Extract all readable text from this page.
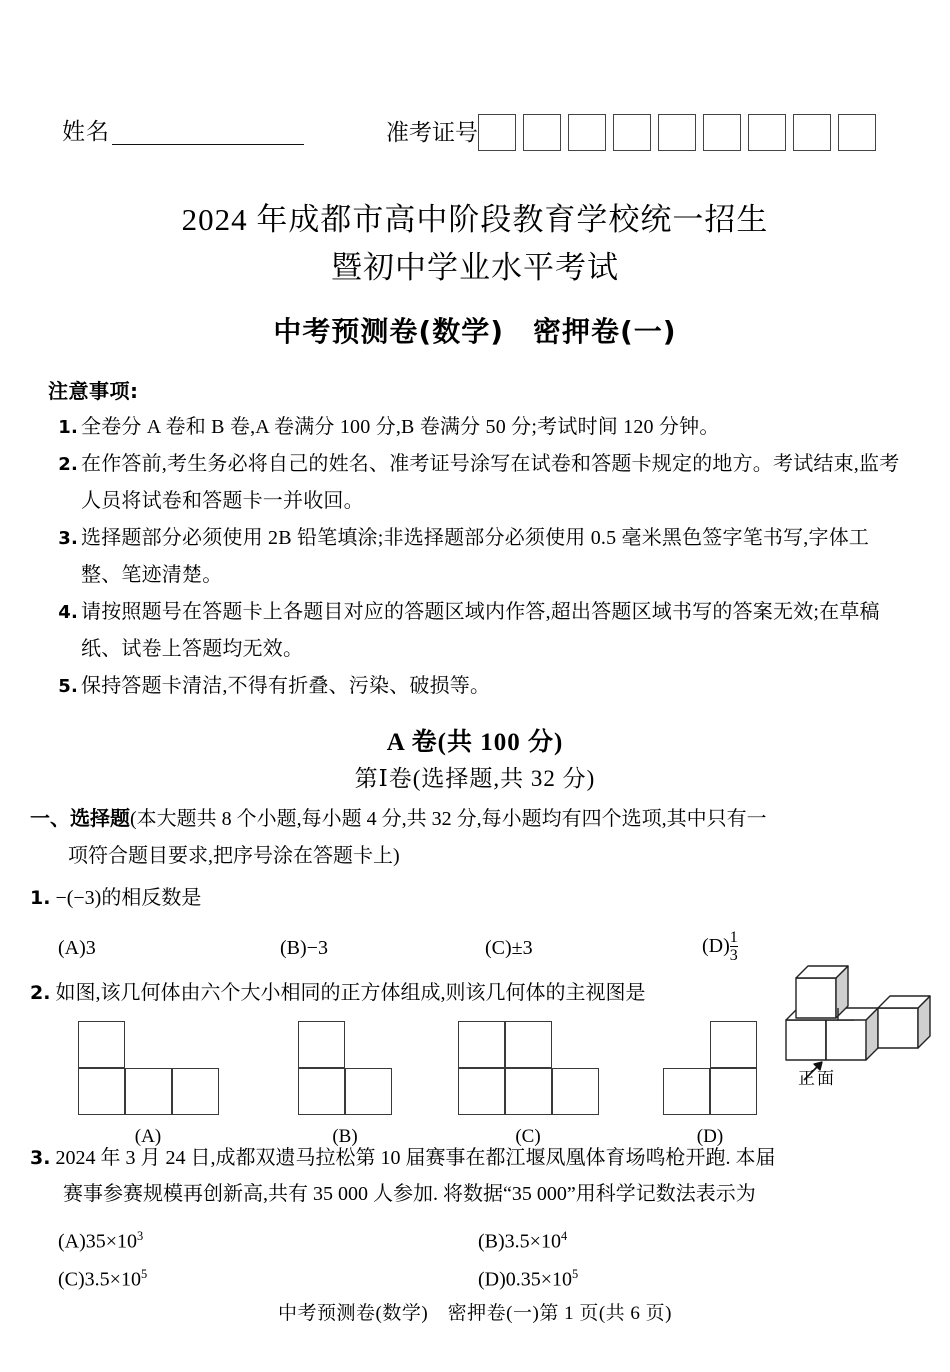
姓名	准考证号
2024 年成都市高中阶段教育学校统一招生
暨初中学业水平考试
中考预测卷(数学)　密押卷(一)
注意事项:
1. 全卷分 A 卷和 B 卷,A 卷满分 100 分,B 卷满分 50 分;考试时间 120 分钟。
2. 在作答前,考生务必将自己的姓名、准考证号涂写在试卷和答题卡规定的地方。考试结束,监考人员将试卷和答题卡一并收回。
3. 选择题部分必须使用 2B 铅笔填涂;非选择题部分必须使用 0.5 毫米黑色签字笔书写,字体工整、笔迹清楚。
4. 请按照题号在答题卡上各题目对应的答题区域内作答,超出答题区域书写的答案无效;在草稿纸、试卷上答题均无效。
5. 保持答题卡清洁,不得有折叠、污染、破损等。
A 卷(共 100 分)
第Ⅰ卷(选择题,共 32 分)
一、选择题(本大题共 8 个小题,每小题 4 分,共 32 分,每小题均有四个选项,其中只有一
项符合题目要求,把序号涂在答题卡上)
1. −(−3)的相反数是
(A)3	(B)−3	(C)±3	$(D) \frac{1}{3}$
2. 如图,该几何体由六个大小相同的正方体组成,则该几何体的主视图是
(A)	(B)	(C)	(D)
正面
3. 2024 年 3 月 24 日,成都双遗马拉松第 10 届赛事在都江堰凤凰体育场鸣枪开跑. 本届
赛事参赛规模再创新高,共有 35 000 人参加. 将数据“35 000”用科学记数法表示为
$(A)35\times 10^3$	$(B)3.5\times 10^4$
$(C)3.5\times 10^5$	$(D)0.35\times 10^5$
中考预测卷(数学)　密押卷(一)第 1 页(共 6 页)
